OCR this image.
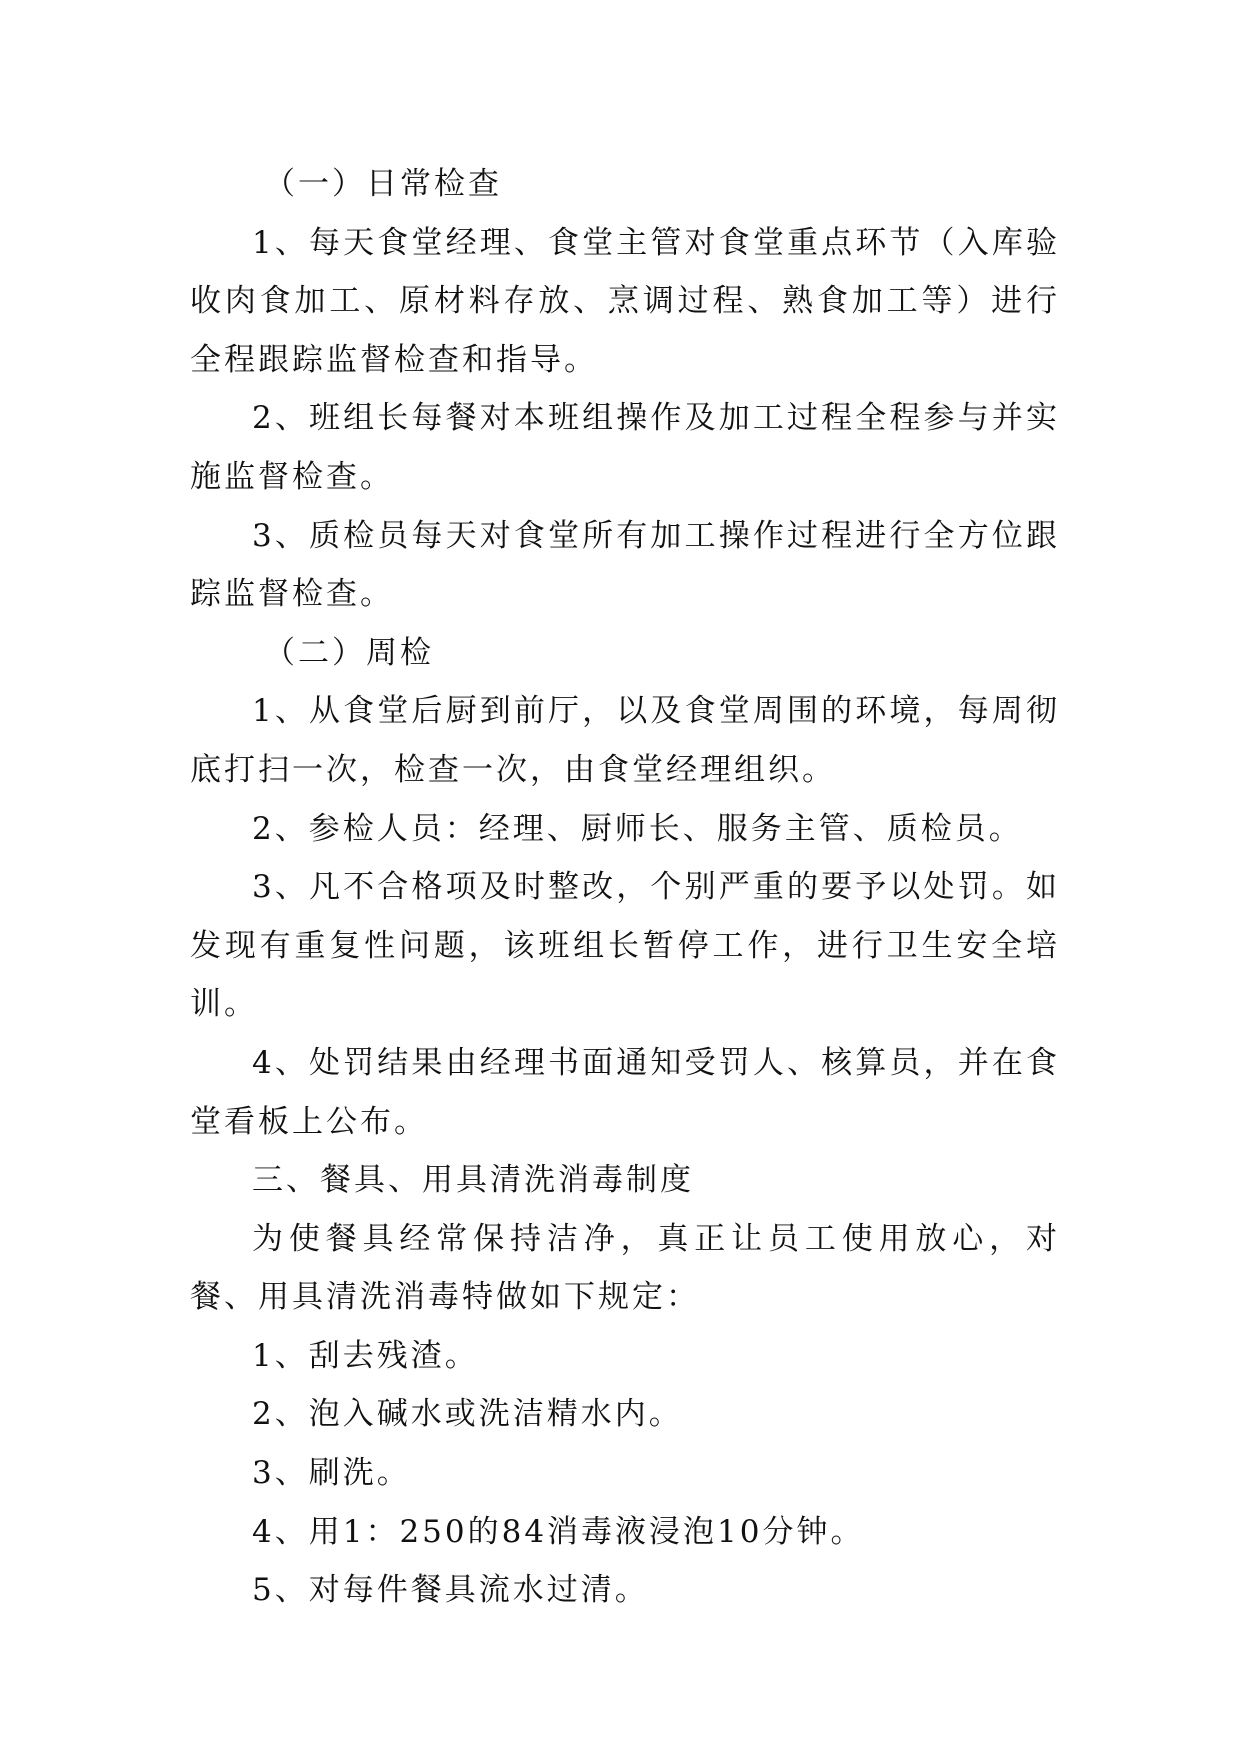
（一）日常检查

1、每天食堂经理、食堂主管对食堂重点环节（入库验收肉食加工、原材料存放、烹调过程、熟食加工等）进行全程跟踪监督检查和指导。

2、班组长每餐对本班组操作及加工过程全程参与并实施监督检查。

3、质检员每天对食堂所有加工操作过程进行全方位跟踪监督检查。

（二）周检

1、从食堂后厨到前厅，以及食堂周围的环境，每周彻底打扫一次，检查一次，由食堂经理组织。

2、参检人员：经理、厨师长、服务主管、质检员。

3、凡不合格项及时整改，个别严重的要予以处罚。如发现有重复性问题，该班组长暂停工作，进行卫生安全培训。

4、处罚结果由经理书面通知受罚人、核算员，并在食堂看板上公布。

三、餐具、用具清洗消毒制度

为使餐具经常保持洁净，真正让员工使用放心，对餐、用具清洗消毒特做如下规定：

1、刮去残渣。

2、泡入碱水或洗洁精水内。

3、刷洗。

4、用1：250的84消毒液浸泡10分钟。

5、对每件餐具流水过清。
